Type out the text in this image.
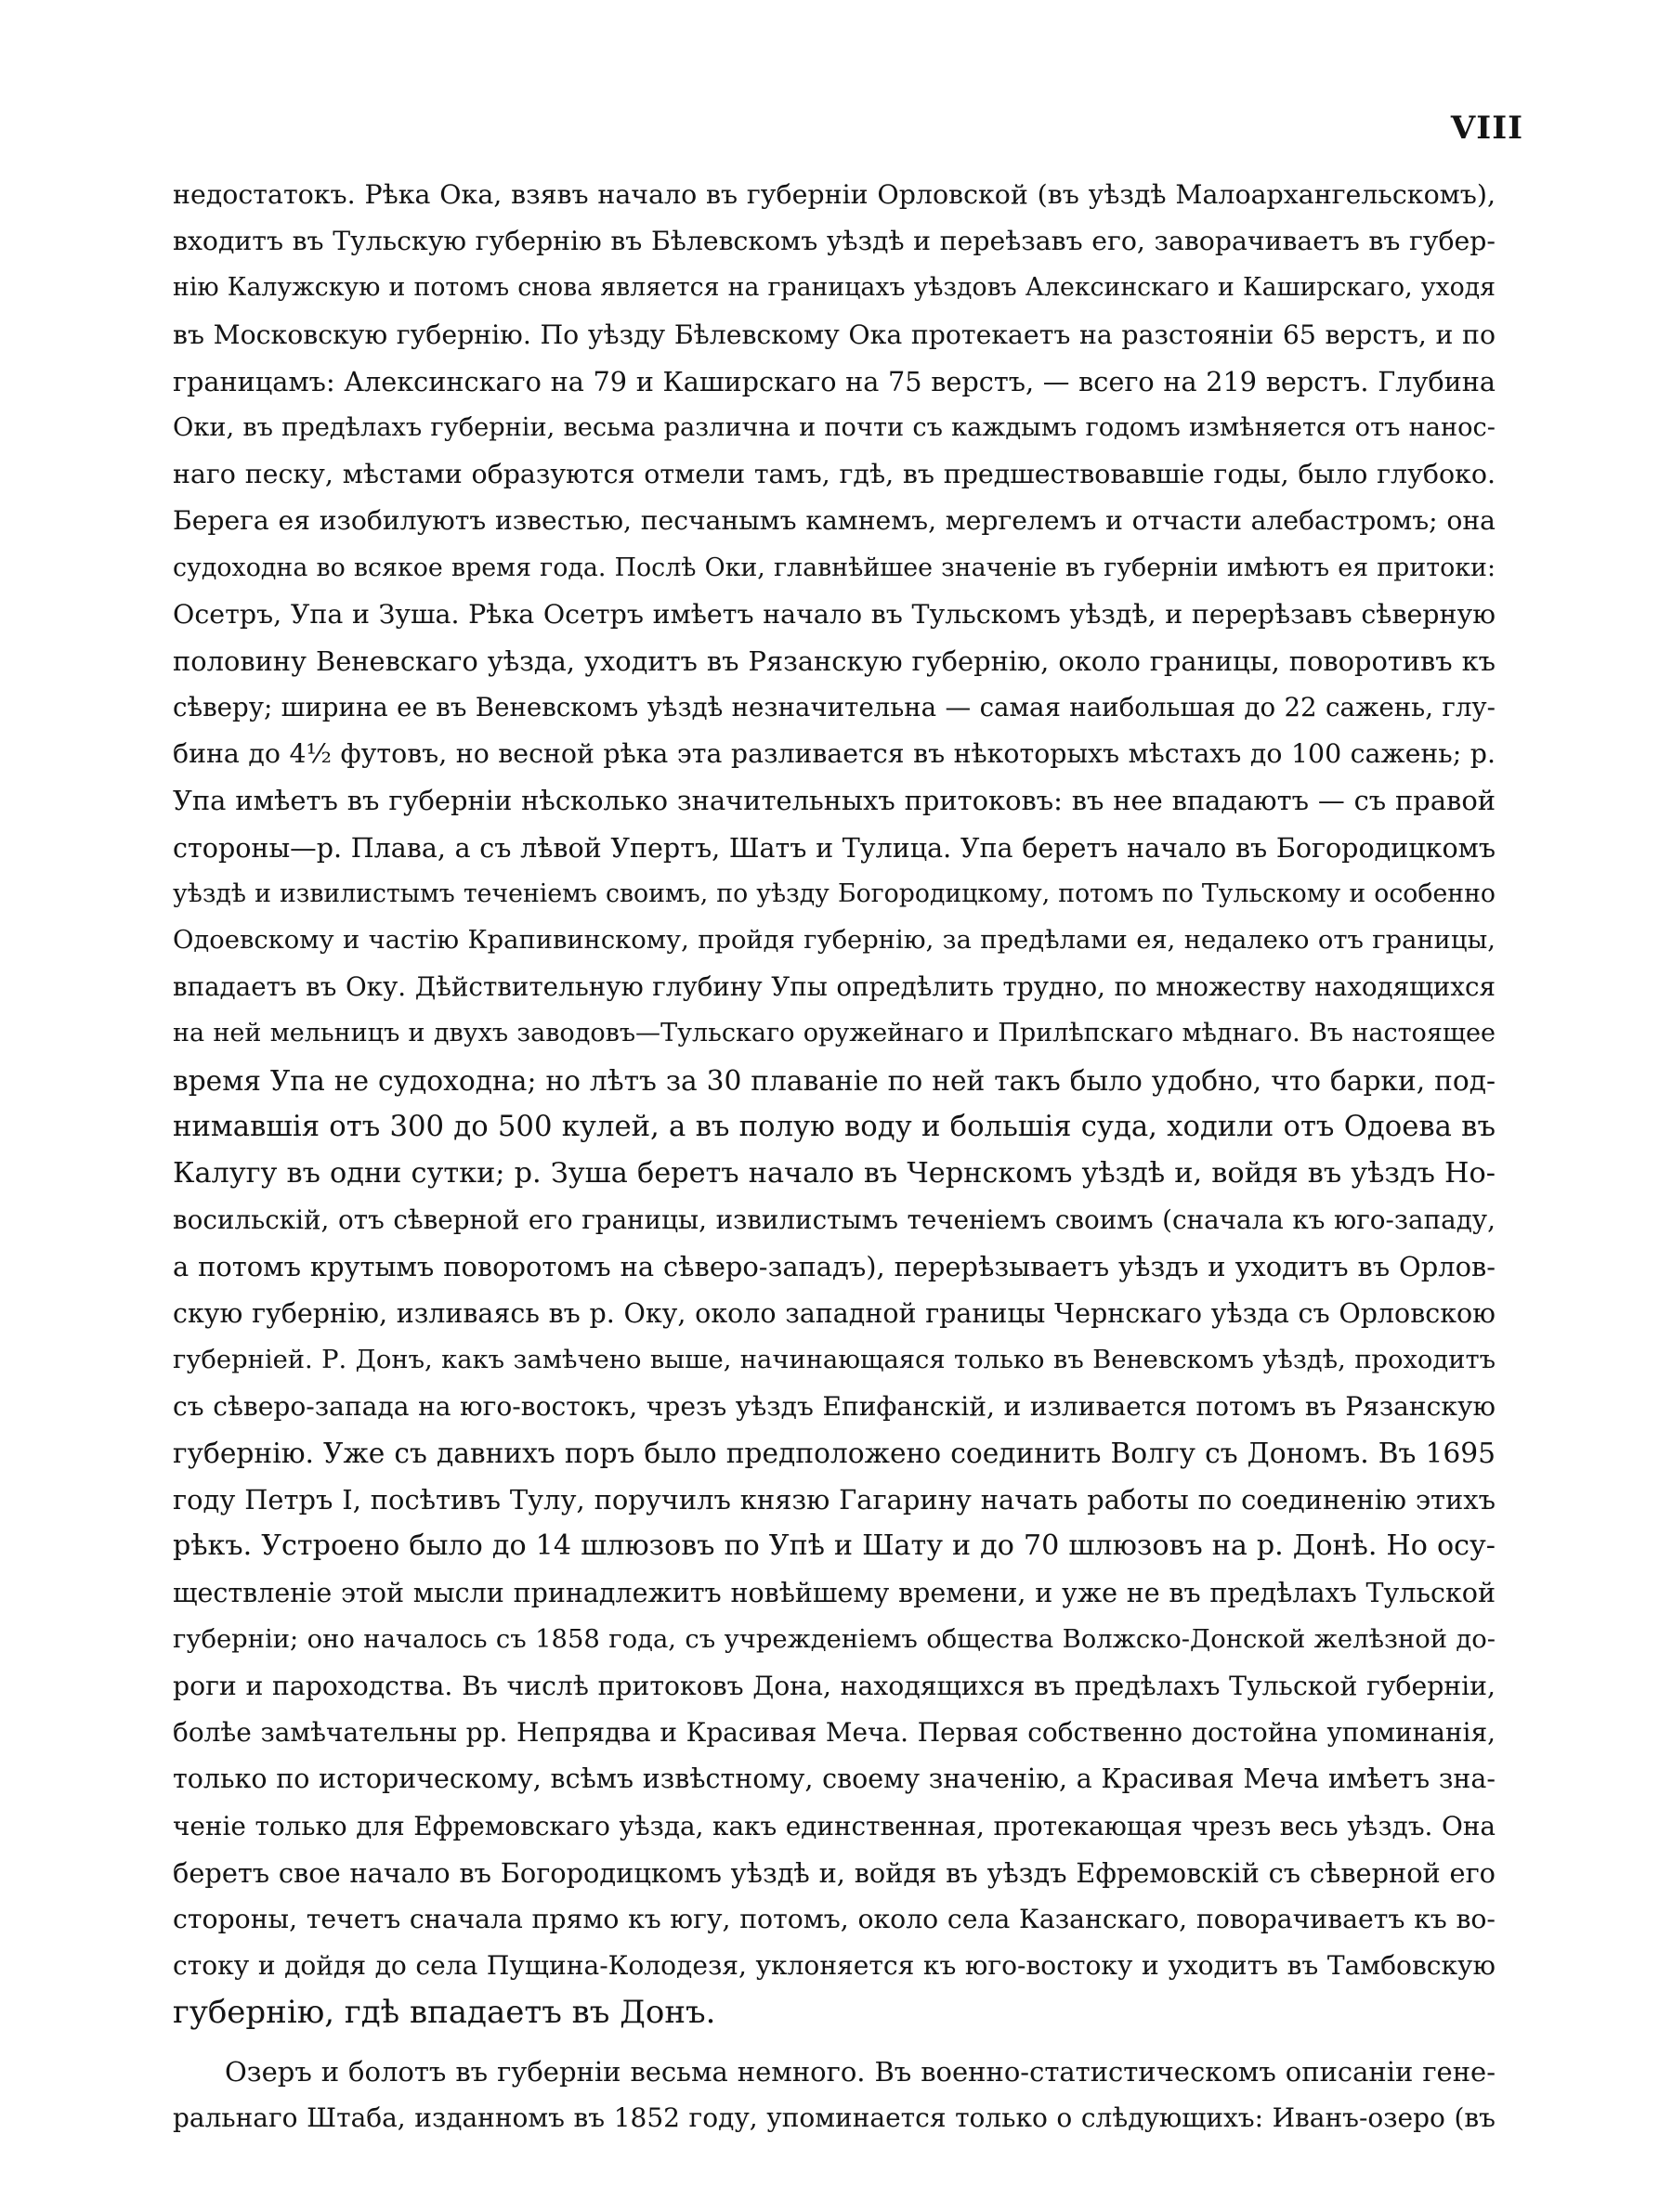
VIII
недостатокъ. Рѣка Ока, взявъ начало въ губерніи Орловской (въ уѣздѣ Малоархангельскомъ),
входитъ въ Тульскую губернію въ Бѣлевскомъ уѣздѣ и переѣзавъ его, заворачиваетъ въ губер-
нію Калужскую и потомъ снова является на границахъ уѣздовъ Алексинскаго и Каширскаго, уходя
въ Московскую губернію. По уѣзду Бѣлевскому Ока протекаетъ на разстояніи 65 верстъ, и по
границамъ: Алексинскаго на 79 и Каширскаго на 75 верстъ, — всего на 219 верстъ. Глубина
Оки, въ предѣлахъ губерніи, весьма различна и почти съ каждымъ годомъ измѣняется отъ нанос-
наго песку, мѣстами образуются отмели тамъ, гдѣ, въ предшествовавшіе годы, было глубоко.
Берега ея изобилуютъ известью, песчанымъ камнемъ, мергелемъ и отчасти алебастромъ; она
судоходна во всякое время года. Послѣ Оки, главнѣйшее значеніе въ губерніи имѣютъ ея притоки:
Осетръ, Упа и Зуша. Рѣка Осетръ имѣетъ начало въ Тульскомъ уѣздѣ, и перерѣзавъ сѣверную
половину Веневскаго уѣзда, уходитъ въ Рязанскую губернію, около границы, поворотивъ къ
сѣверу; ширина ее въ Веневскомъ уѣздѣ незначительна — самая наибольшая до 22 сажень, глу-
бина до 4½ футовъ, но весной рѣка эта разливается въ нѣкоторыхъ мѣстахъ до 100 сажень; р.
Упа имѣетъ въ губерніи нѣсколько значительныхъ притоковъ: въ нее впадаютъ — съ правой
стороны—р. Плава, а съ лѣвой Упертъ, Шатъ и Тулица. Упа беретъ начало въ Богородицкомъ
уѣздѣ и извилистымъ теченіемъ своимъ, по уѣзду Богородицкому, потомъ по Тульскому и особенно
Одоевскому и частію Крапивинскому, пройдя губернію, за предѣлами ея, недалеко отъ границы,
впадаетъ въ Оку. Дѣйствительную глубину Упы опредѣлить трудно, по множеству находящихся
на ней мельницъ и двухъ заводовъ—Тульскаго оружейнаго и Прилѣпскаго мѣднаго. Въ настоящее
время Упа не судоходна; но лѣтъ за 30 плаваніе по ней такъ было удобно, что барки, под-
нимавшія отъ 300 до 500 кулей, а въ полую воду и большія суда, ходили отъ Одоева въ
Калугу въ одни сутки; р. Зуша беретъ начало въ Чернскомъ уѣздѣ и, войдя въ уѣздъ Но-
восильскій, отъ сѣверной его границы, извилистымъ теченіемъ своимъ (сначала къ юго-западу,
а потомъ крутымъ поворотомъ на сѣверо-западъ), перерѣзываетъ уѣздъ и уходитъ въ Орлов-
скую губернію, изливаясь въ р. Оку, около западной границы Чернскаго уѣзда съ Орловскою
губерніей. Р. Донъ, какъ замѣчено выше, начинающаяся только въ Веневскомъ уѣздѣ, проходитъ
съ сѣверо-запада на юго-востокъ, чрезъ уѣздъ Епифанскій, и изливается потомъ въ Рязанскую
губернію. Уже съ давнихъ поръ было предположено соединить Волгу съ Дономъ. Въ 1695
году Петръ I, посѣтивъ Тулу, поручилъ князю Гагарину начать работы по соединенію этихъ
рѣкъ. Устроено было до 14 шлюзовъ по Упѣ и Шату и до 70 шлюзовъ на р. Донѣ. Но осу-
ществленіе этой мысли принадлежитъ новѣйшему времени, и уже не въ предѣлахъ Тульской
губерніи; оно началось съ 1858 года, съ учрежденіемъ общества Волжско-Донской желѣзной до-
роги и пароходства. Въ числѣ притоковъ Дона, находящихся въ предѣлахъ Тульской губерніи,
болѣе замѣчательны рр. Непрядва и Красивая Меча. Первая собственно достойна упоминанія,
только по историческому, всѣмъ извѣстному, своему значенію, а Красивая Меча имѣетъ зна-
ченіе только для Ефремовскаго уѣзда, какъ единственная, протекающая чрезъ весь уѣздъ. Она
беретъ свое начало въ Богородицкомъ уѣздѣ и, войдя въ уѣздъ Ефремовскій съ сѣверной его
стороны, течетъ сначала прямо къ югу, потомъ, около села Казанскаго, поворачиваетъ къ во-
стоку и дойдя до села Пущина-Колодезя, уклоняется къ юго-востоку и уходитъ въ Тамбовскую
губернію, гдѣ впадаетъ въ Донъ.
Озеръ и болотъ въ губерніи весьма немного. Въ военно-статистическомъ описаніи гене-
ральнаго Штаба, изданномъ въ 1852 году, упоминается только о слѣдующихъ: Иванъ-озеро (въ
